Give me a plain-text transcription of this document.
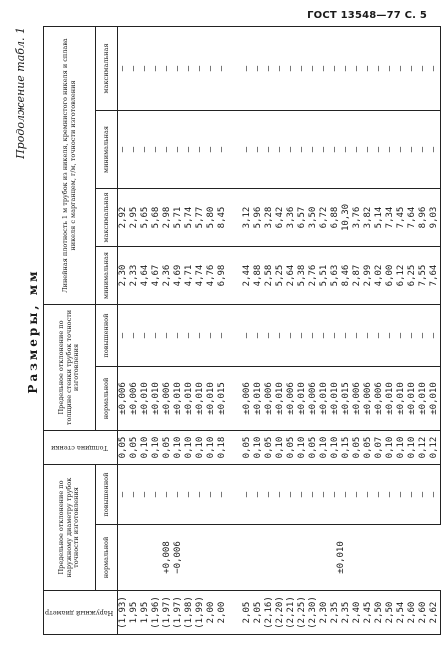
ГОСТ 13548—77 С. 5
Продолжение табл. 1
Размеры, мм
Наружный диаметр	Предельное отклонение по наружному диаметру трубок точности изготовления		Толщина стенки	Предельное отклонение по толщине стенки трубок точности изготовления		Линейная плотность 1 м трубок из никеля, кремнистого никеля и сплава никеля с марганцем, г/м, точности изготовления			
	нормальной	повышенной		нормальной	повышенной	минимальная	максимальная	минимальная	максимальная
(1,93)	+0,008 −0,006	—	0,05	±0,006	—	2,30	2,92	—	—
1,95		—	0,05	±0,006	—	2,33	2,95	—	—
1,95		—	0,10	±0,010	—	4,64	5,65	—	—
(1,96)		—	0,10	±0,010	—	4,67	5,68	—	—
(1,97)		—	0,05	±0,006	—	2,36	2,98	—	—
(1,97)		—	0,10	±0,010	—	4,69	5,71	—	—
(1,98)		—	0,10	±0,010	—	4,71	5,74	—	—
(1,99)		—	0,10	±0,010	—	4,74	5,77	—	—
2,00		—	0,10	±0,010	—	4,76	5,80	—	—
2,00		—	0,18	±0,015	—	6,98	8,45	—	—

2,05	±0,010	—	0,05	±0,006	—	2,44	3,12	—	—
2,05		—	0,10	±0,010	—	4,88	5,96	—	—
(2,16)		—	0,05	±0,006	—	2,58	3,28	—	—
(2,20)		—	0,10	±0,010	—	5,25	6,42	—	—
(2,21)		—	0,05	±0,006	—	2,64	3,36	—	—
(2,25)		—	0,10	±0,010	—	5,38	6,57	—	—
(2,30)		—	0,05	±0,006	—	2,76	3,50	—	—
2,30		—	0,10	±0,010	—	5,51	6,72	—	—
2,35		—	0,10	±0,010	—	5,63	6,88	—	—
2,35		—	0,15	±0,015	—	8,46	10,30	—	—
2,40		—	0,05	±0,006	—	2,87	3,76	—	—
2,45		—	0,05	±0,006	—	2,99	3,82	—	—
2,50		—	0,07	±0,006	—	4,02	5,14	—	—
2,50		—	0,10	±0,010	—	6,00	7,34	—	—
2,54		—	0,10	±0,010	—	6,12	7,45	—	—
2,60		—	0,10	±0,010	—	6,25	7,64	—	—
2,60		—	0,12	±0,010	—	7,55	8,96	—	—
2,62		—	0,12	±0,010	—	7,64	9,03	—	—
